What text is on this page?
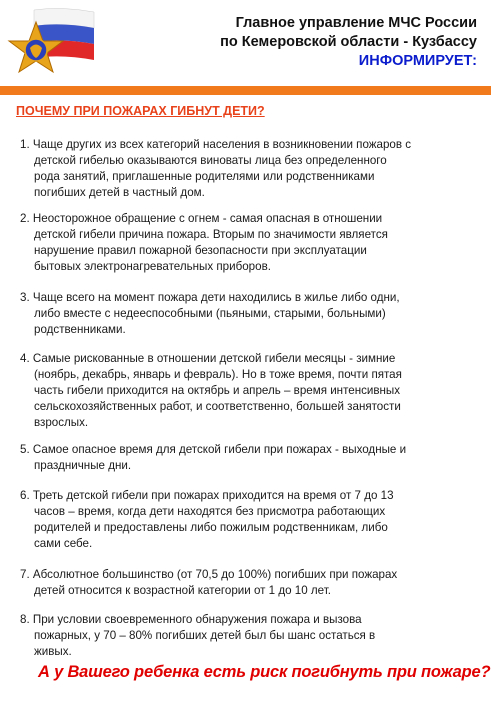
Главное управление МЧС России
по Кемеровской области - Кузбассу
ИНФОРМИРУЕТ:
ПОЧЕМУ ПРИ ПОЖАРАХ ГИБНУТ ДЕТИ?

1. Чаще других из всех категорий населения в возникновении пожаров с
детской гибелью оказываются виноваты лица без определенного
рода занятий, приглашенные родителями или родственниками
погибших детей в частный дом.

2. Неосторожное обращение с огнем - самая опасная в отношении
детской гибели причина пожара. Вторым по значимости является
нарушение правил пожарной безопасности при эксплуатации
бытовых электронагревательных приборов.

3. Чаще всего на момент пожара дети находились в жилье либо одни,
либо вместе с недееспособными (пьяными, старыми, больными)
родственниками.

4. Самые рискованные в отношении детской гибели месяцы - зимние
(ноябрь, декабрь, январь и февраль). Но в тоже время, почти пятая
часть гибели приходится на октябрь и апрель – время интенсивных
сельскохозяйственных работ, и соответственно, большей занятости
взрослых.

5. Самое опасное время для детской гибели при пожарах - выходные и
праздничные дни.

6. Треть детской гибели при пожарах приходится на время от 7 до 13
часов – время, когда дети находятся без присмотра работающих
родителей и предоставлены либо пожилым родственникам, либо
сами себе.

7. Абсолютное большинство (от 70,5 до 100%) погибших при пожарах
детей относится к возрастной категории от 1 до 10 лет.

8. При условии своевременного обнаружения пожара и вызова
пожарных, у 70 – 80% погибших детей был бы шанс остаться в
живых.

А у Вашего ребенка есть риск погибнуть при пожаре?
